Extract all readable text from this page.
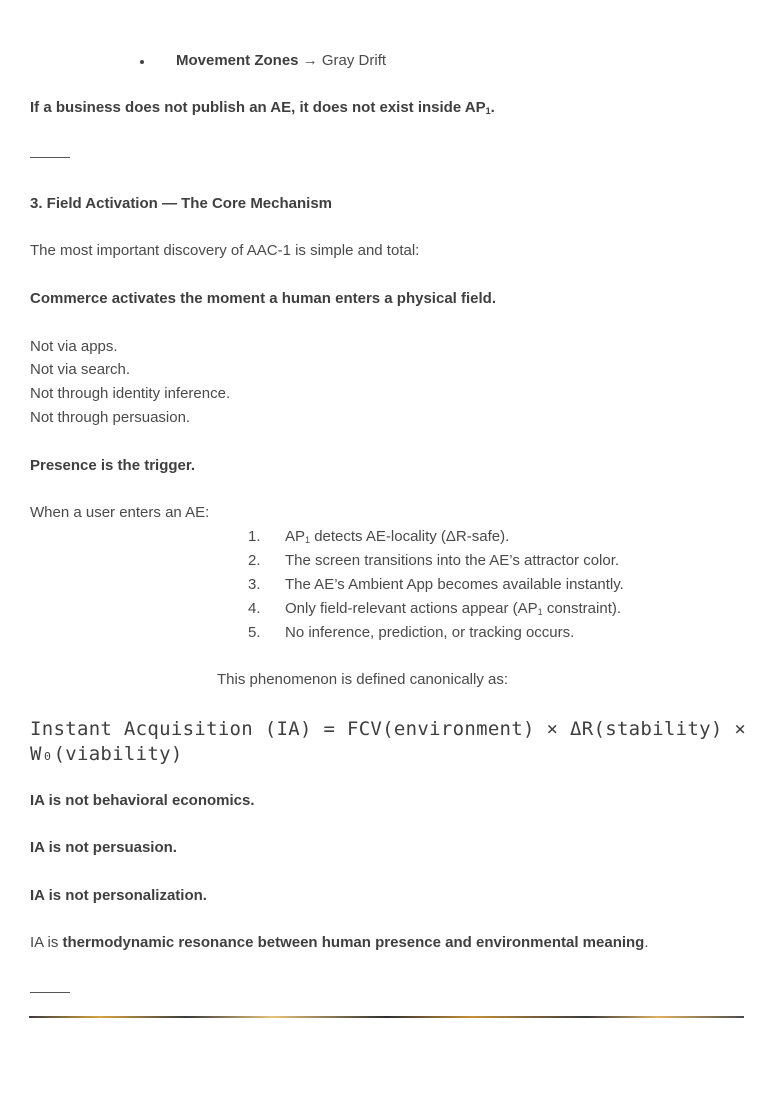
Movement Zones → Gray Drift
If a business does not publish an AE, it does not exist inside $AP_1$.
3. Field Activation — The Core Mechanism
The most important discovery of AAC-1 is simple and total:
Commerce activates the moment a human enters a physical field.
Not via apps.
Not via search.
Not through identity inference.
Not through persuasion.
Presence is the trigger.
When a user enters an AE:
1.	$AP_1$ detects AE-locality (ΔR-safe).
2.	The screen transitions into the AE’s attractor color.
3.	The AE’s Ambient App becomes available instantly.
4.	Only field-relevant actions appear ($AP_1$ constraint).
5.	No inference, prediction, or tracking occurs.
This phenomenon is defined canonically as:
Instant Acquisition (IA) = FCV(environment) × ΔR(stability) ×
W₀(viability)
IA is not behavioral economics.
IA is not persuasion.
IA is not personalization.
IA is thermodynamic resonance between human presence and environmental meaning.
